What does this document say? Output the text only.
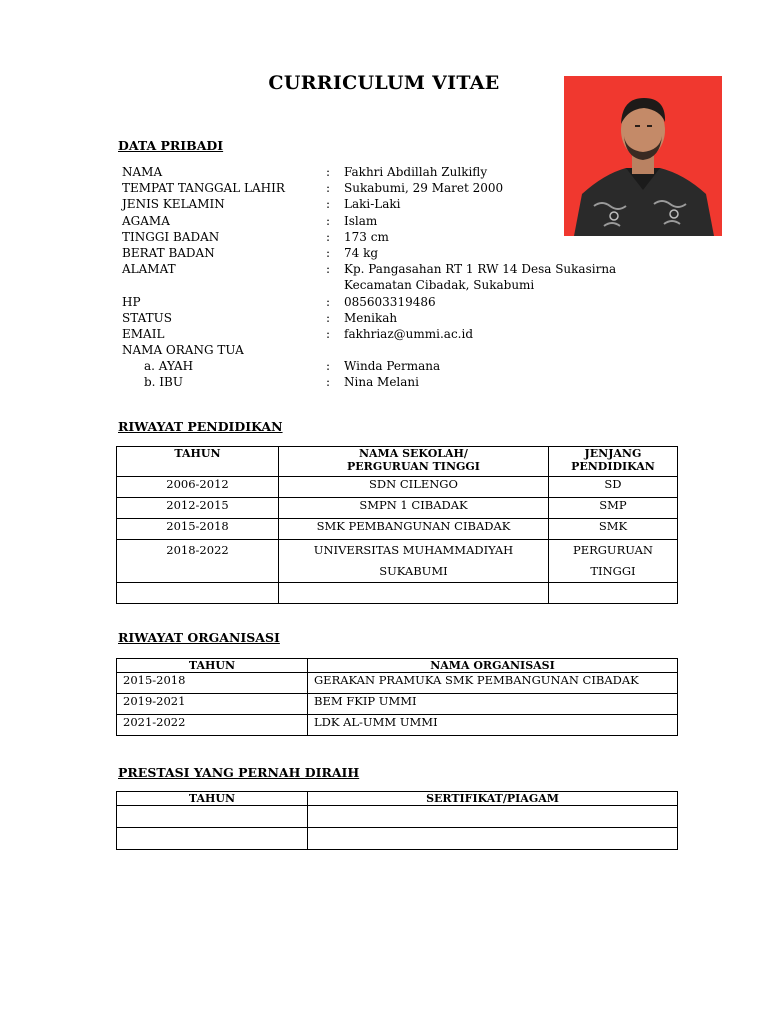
CURRICULUM VITAE
DATA PRIBADI
NAMA	: Fakhri Abdillah Zulkifly
TEMPAT TANGGAL LAHIR	: Sukabumi, 29 Maret 2000
JENIS KELAMIN	: Laki-Laki
AGAMA	: Islam
TINGGI BADAN	: 173 cm
BERAT BADAN	: 74 kg
ALAMAT	: Kp. Pangasahan RT 1 RW 14 Desa Sukasirna Kecamatan Cibadak, Sukabumi
HP	: 085603319486
STATUS	: Menikah
EMAIL	: fakhriaz@ummi.ac.id
NAMA ORANG TUA
a. AYAH	: Winda Permana
b. IBU	: Nina Melani
RIWAYAT PENDIDIKAN
TAHUN	NAMA SEKOLAH/ PERGURUAN TINGGI	JENJANG PENDIDIKAN
2006-2012	SDN CILENGO	SD
2012-2015	SMPN 1 CIBADAK	SMP
2015-2018	SMK PEMBANGUNAN CIBADAK	SMK
2018-2022	UNIVERSITAS MUHAMMADIYAH SUKABUMI	PERGURUAN TINGGI

RIWAYAT ORGANISASI
TAHUN	NAMA ORGANISASI
2015-2018	GERAKAN PRAMUKA SMK PEMBANGUNAN CIBADAK
2019-2021	BEM FKIP UMMI
2021-2022	LDK AL-UMM UMMI
PRESTASI YANG PERNAH DIRAIH
TAHUN	SERTIFIKAT/PIAGAM
